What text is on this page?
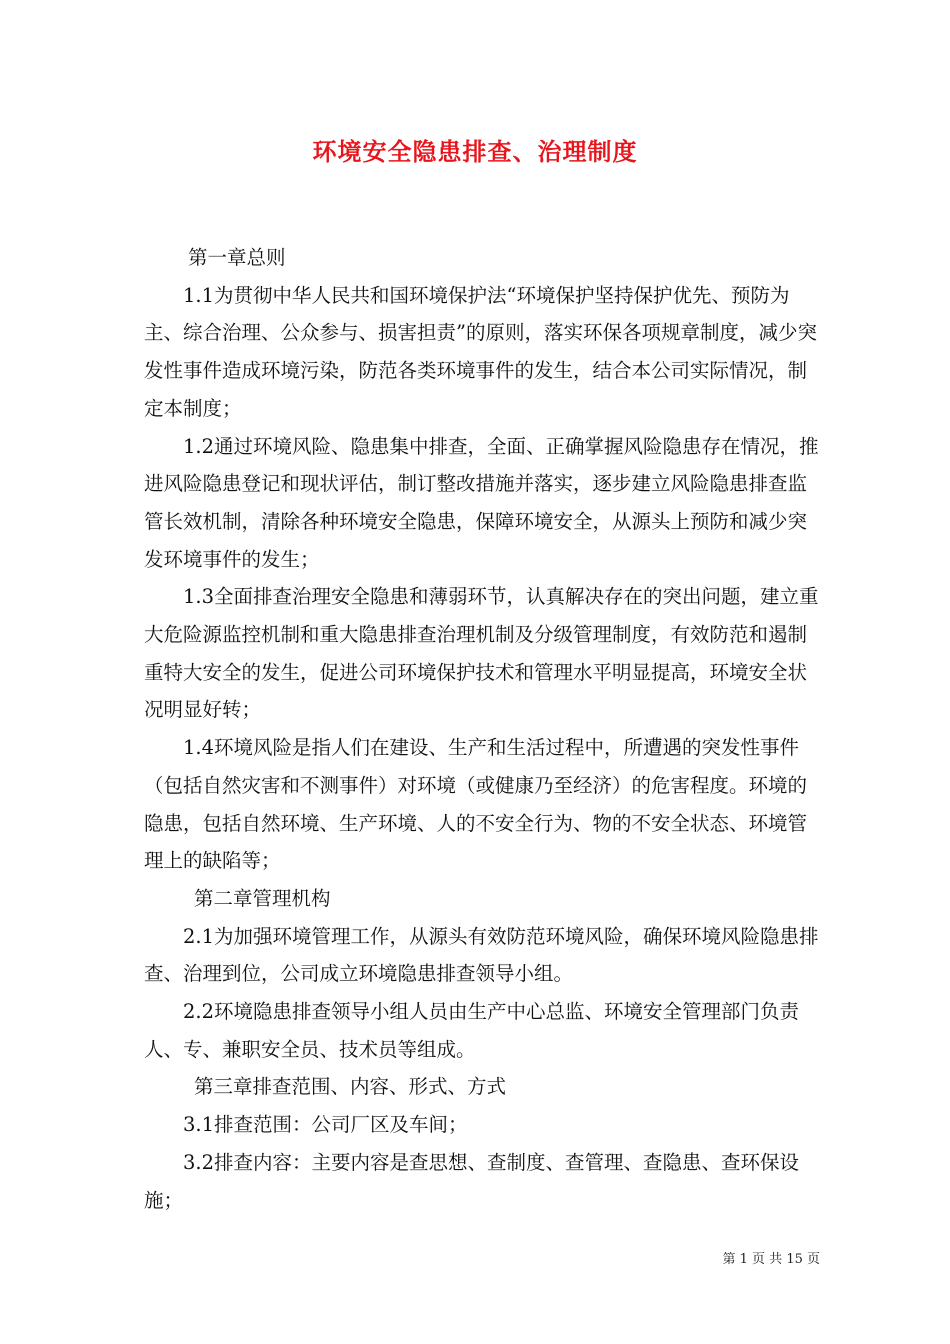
环境安全隐患排查、治理制度

第一章总则

1.1为贯彻中华人民共和国环境保护法“环境保护坚持保护优先、预防为主、综合治理、公众参与、损害担责”的原则，落实环保各项规章制度，减少突发性事件造成环境污染，防范各类环境事件的发生，结合本公司实际情况，制定本制度；

1.2通过环境风险、隐患集中排查，全面、正确掌握风险隐患存在情况，推进风险隐患登记和现状评估，制订整改措施并落实，逐步建立风险隐患排查监管长效机制，清除各种环境安全隐患，保障环境安全，从源头上预防和减少突发环境事件的发生；

1.3全面排查治理安全隐患和薄弱环节，认真解决存在的突出问题，建立重大危险源监控机制和重大隐患排查治理机制及分级管理制度，有效防范和遏制重特大安全的发生，促进公司环境保护技术和管理水平明显提高，环境安全状况明显好转；

1.4环境风险是指人们在建设、生产和生活过程中，所遭遇的突发性事件（包括自然灾害和不测事件）对环境（或健康乃至经济）的危害程度。环境的隐患，包括自然环境、生产环境、人的不安全行为、物的不安全状态、环境管理上的缺陷等；

第二章管理机构

2.1为加强环境管理工作，从源头有效防范环境风险，确保环境风险隐患排查、治理到位，公司成立环境隐患排查领导小组。

2.2环境隐患排查领导小组人员由生产中心总监、环境安全管理部门负责人、专、兼职安全员、技术员等组成。

第三章排查范围、内容、形式、方式

3.1排查范围：公司厂区及车间；

3.2排查内容：主要内容是查思想、查制度、查管理、查隐患、查环保设施；

第 1 页 共 15 页
